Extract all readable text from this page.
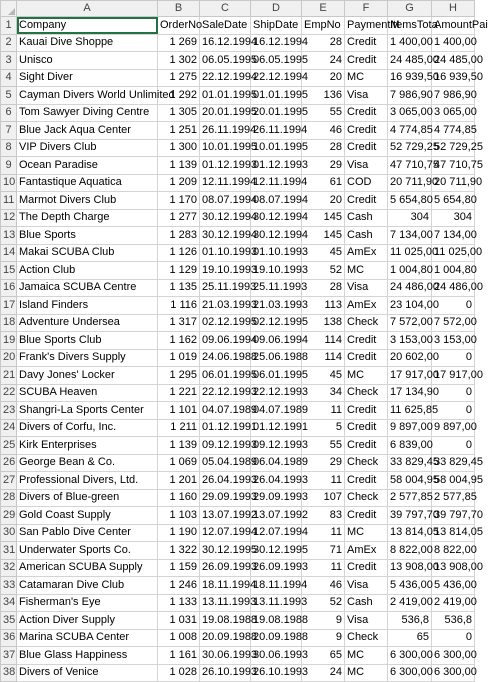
	A	B	C	D	E	F	G	H
1	Company	OrderNo	SaleDate	ShipDate	EmpNo	PaymentM	ItemsTota	AmountPai
2	Kauai Dive Shoppe	1 269	16.12.1994	16.12.1994	28	Credit	1 400,00	1 400,00
3	Unisco	1 302	06.05.1995	06.05.1995	24	Credit	24 485,00	24 485,00
4	Sight Diver	1 275	22.12.1994	22.12.1994	20	MC	16 939,50	16 939,50
5	Cayman Divers World Unlimited	1 292	01.01.1995	01.01.1995	136	Visa	7 986,90	7 986,90
6	Tom Sawyer Diving Centre	1 305	20.01.1995	20.01.1995	55	Credit	3 065,00	3 065,00
7	Blue Jack Aqua Center	1 251	26.11.1994	26.11.1994	46	Credit	4 774,85	4 774,85
8	VIP Divers Club	1 300	10.01.1995	10.01.1995	28	Credit	52 729,25	52 729,25
9	Ocean Paradise	1 139	01.12.1993	01.12.1993	29	Visa	47 710,75	47 710,75
10	Fantastique Aquatica	1 209	12.11.1994	12.11.1994	61	COD	20 711,90	20 711,90
11	Marmot Divers Club	1 170	08.07.1994	08.07.1994	20	Credit	5 654,80	5 654,80
12	The Depth Charge	1 277	30.12.1994	30.12.1994	145	Cash	304	304
13	Blue Sports	1 283	30.12.1994	30.12.1994	145	Cash	7 134,00	7 134,00
14	Makai SCUBA Club	1 126	01.10.1993	01.10.1993	45	AmEx	11 025,00	11 025,00
15	Action Club	1 129	19.10.1993	19.10.1993	52	MC	1 004,80	1 004,80
16	Jamaica SCUBA Centre	1 135	25.11.1993	25.11.1993	28	Visa	24 486,00	24 486,00
17	Island Finders	1 116	21.03.1993	21.03.1993	113	AmEx	23 104,00	0
18	Adventure Undersea	1 317	02.12.1995	02.12.1995	138	Check	7 572,00	7 572,00
19	Blue Sports Club	1 162	09.06.1994	09.06.1994	114	Credit	3 153,00	3 153,00
20	Frank's Divers Supply	1 019	24.06.1988	25.06.1988	114	Credit	20 602,00	0
21	Davy Jones' Locker	1 295	06.01.1995	06.01.1995	45	MC	17 917,00	17 917,00
22	SCUBA Heaven	1 221	22.12.1993	22.12.1993	34	Check	17 134,90	0
23	Shangri-La Sports Center	1 101	04.07.1989	04.07.1989	11	Credit	11 625,85	0
24	Divers of Corfu, Inc.	1 211	01.12.1991	01.12.1991	5	Credit	9 897,00	9 897,00
25	Kirk Enterprises	1 139	09.12.1993	09.12.1993	55	Credit	6 839,00	0
26	George Bean & Co.	1 069	05.04.1989	06.04.1989	29	Check	33 829,45	33 829,45
27	Professional Divers, Ltd.	1 201	26.04.1993	26.04.1993	11	Credit	58 004,95	58 004,95
28	Divers of Blue-green	1 160	29.09.1993	29.09.1993	107	Check	2 577,85	2 577,85
29	Gold Coast Supply	1 103	13.07.1992	13.07.1992	83	Credit	39 797,70	39 797,70
30	San Pablo Dive Center	1 190	12.07.1994	12.07.1994	11	MC	13 814,05	13 814,05
31	Underwater Sports Co.	1 322	30.12.1995	30.12.1995	71	AmEx	8 822,00	8 822,00
32	American SCUBA Supply	1 159	26.09.1993	26.09.1993	11	Credit	13 908,00	13 908,00
33	Catamaran Dive Club	1 246	18.11.1994	18.11.1994	46	Visa	5 436,00	5 436,00
34	Fisherman's Eye	1 133	13.11.1993	13.11.1993	52	Cash	2 419,00	2 419,00
35	Action Diver Supply	1 031	19.08.1988	19.08.1988	9	Visa	536,8	536,8
36	Marina SCUBA Center	1 008	20.09.1988	20.09.1988	9	Check	65	0
37	Blue Glass Happiness	1 161	30.06.1993	30.06.1993	65	MC	6 300,00	6 300,00
38	Divers of Venice	1 028	26.10.1993	26.10.1993	24	MC	6 300,00	6 300,00
